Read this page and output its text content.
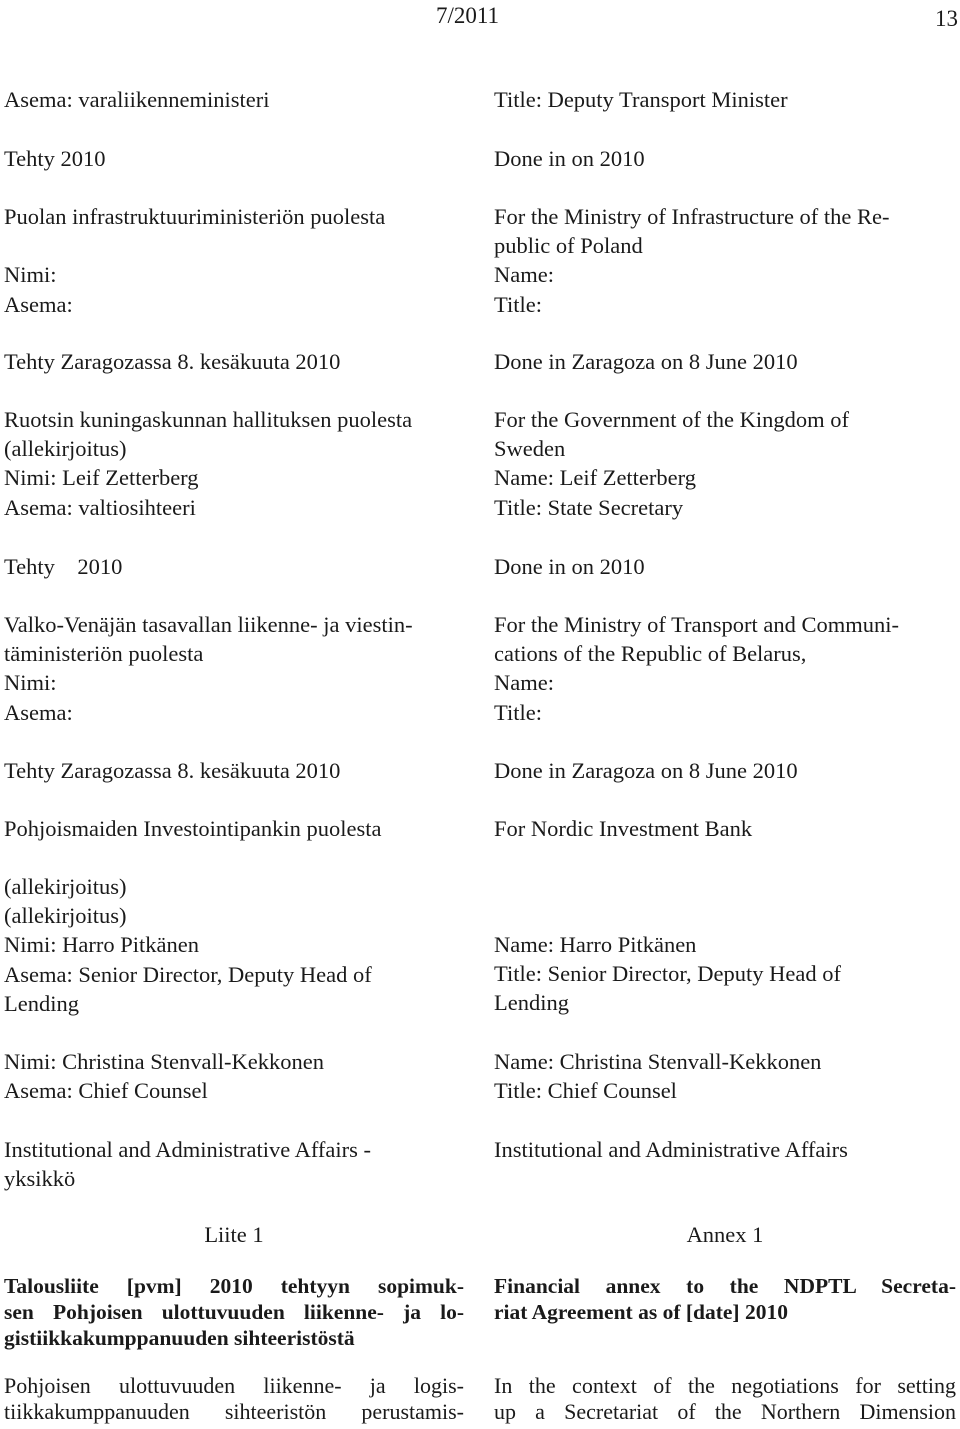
7/2011	13
Asema: varaliikenneministeri
Tehty 2010
Puolan infrastruktuuriministeriön puolesta

Nimi:
Asema:
Tehty Zaragozassa 8. kesäkuuta 2010
Ruotsin kuningaskunnan hallituksen puolesta
(allekirjoitus)
Nimi: Leif Zetterberg
Asema: valtiosihteeri
Tehty    2010
Valko-Venäjän tasavallan liikenne- ja viestin-
täministeriön puolesta
Nimi:
Asema:
Tehty Zaragozassa 8. kesäkuuta 2010
Pohjoismaiden Investointipankin puolesta
(allekirjoitus)
(allekirjoitus)
Nimi: Harro Pitkänen
Asema: Senior Director, Deputy Head of
Lending
Nimi: Christina Stenvall-Kekkonen
Asema: Chief Counsel
Institutional and Administrative Affairs -
yksikkö
Liite 1
Talousliite [pvm] 2010 tehtyyn sopimuk-
sen Pohjoisen ulottuvuuden liikenne- ja lo-
gistiikkakumppanuuden sihteeristöstä
Pohjoisen ulottuvuuden liikenne- ja logis-
tiikkakumppanuuden sihteeristön perustamis-
Title: Deputy Transport Minister
Done in on 2010
For the Ministry of Infrastructure of the Re-
public of Poland
Name:
Title:
Done in Zaragoza on 8 June 2010
For the Government of the Kingdom of
Sweden
Name: Leif Zetterberg
Title: State Secretary
Done in on 2010
For the Ministry of Transport and Communi-
cations of the Republic of Belarus,
Name:
Title:
Done in Zaragoza on 8 June 2010
For Nordic Investment Bank
Name: Harro Pitkänen
Title: Senior Director, Deputy Head of
Lending
Name: Christina Stenvall-Kekkonen
Title: Chief Counsel
Institutional and Administrative Affairs
Annex 1
Financial annex to the NDPTL Secreta-
riat Agreement as of [date] 2010
In the context of the negotiations for setting
up a Secretariat of the Northern Dimension
